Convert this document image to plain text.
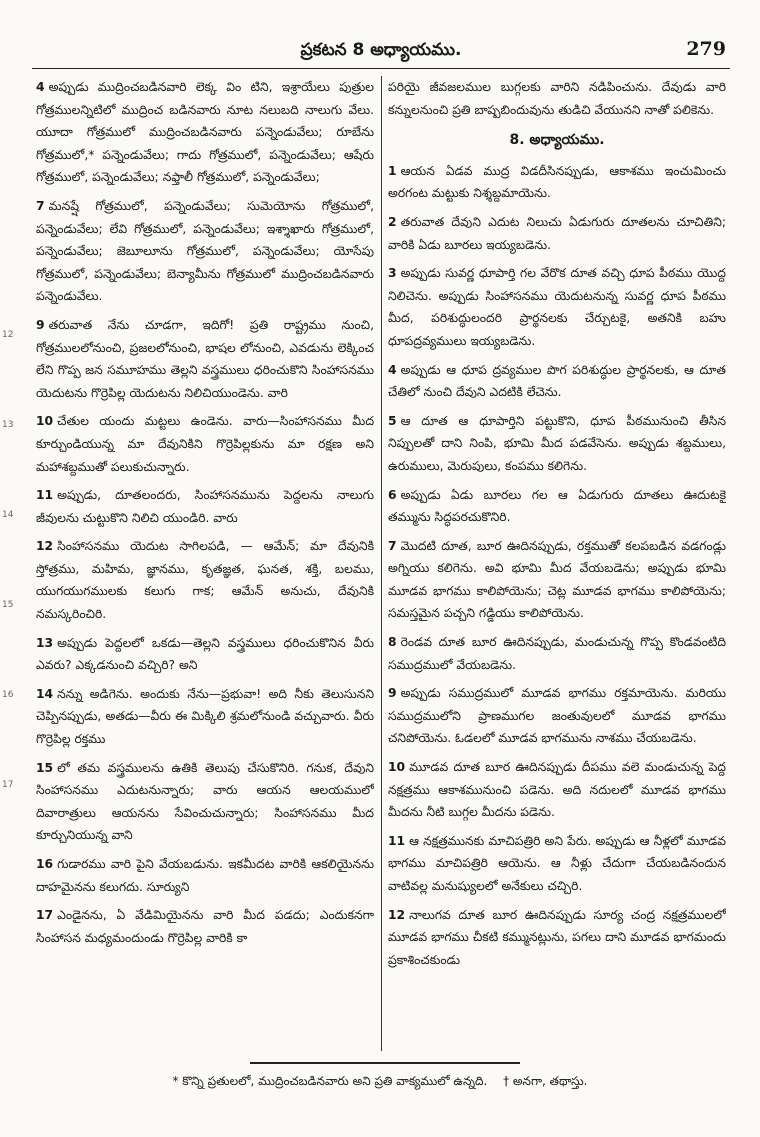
12
13
14
15
16
17
ప్రకటన 8 అధ్యాయము.	279

4 అప్పుడు ముద్రించబడినవారి లెక్క విం టిని, ఇశ్రాయేలు పుత్రుల గోత్రములన్నిటిలో ముద్రించ బడినవారు నూట నలుబది నాలుగు వేలు. యూదా గోత్రములో ముద్రించబడినవారు పన్నెండువేలు; రూబేను గోత్రములో,* పన్నెండువేలు; గాదు గోత్రములో, పన్నెండువేలు; ఆషేరు గోత్రములో, పన్నెండువేలు; నఫ్తాలీ గోత్రములో, పన్నెండువేలు;

7 మనష్షే గోత్రములో, పన్నెండువేలు; సుమెయోను గోత్రములో, పన్నెండువేలు; లేవి గోత్రములో, పన్నెండువేలు; ఇశ్శాఖారు గోత్రములో, పన్నెండువేలు; జెబూలూను గోత్రములో, పన్నెండువేలు; యోసేపు గోత్రములో, పన్నెండువేలు; బెన్యామీను గోత్రములో ముద్రించబడినవారు పన్నెండువేలు.

9 తరువాత నేను చూడగా, ఇదిగో! ప్రతి రాష్ట్రము నుంచి, గోత్రములలోనుంచి, ప్రజలలోనుంచి, భాషల లోనుంచి, ఎవడును లెక్కించ లేని గొప్ప జన సమూహము తెల్లని వస్త్రములు ధరించుకొని సింహాసనము యెదుటను గొర్రెపిల్ల యెదుటను నిలిచియుండెను. వారి

10 చేతుల యందు మట్టలు ఉండెను. వారు—సింహాసనము మీద కూర్చుండియున్న మా దేవునికిని గొర్రెపిల్లకును మా రక్షణ అని మహాశబ్దముతో పలుకుచున్నారు.

11 అప్పుడు, దూతలందరు, సింహాసనమును పెద్దలను నాలుగు జీవులను చుట్టుకొని నిలిచి యుండిరి. వారు

12 సింహాసనము యెదుట సాగిలపడి, — ఆమేన్; మా దేవునికి స్తోత్రము, మహిమ, జ్ఞానము, కృతజ్ఞత, ఘనత, శక్తి, బలము, యుగయుగములకు కలుగు గాక; ఆమేన్ అనుచు, దేవునికి నమస్కరించిరి.

13 అప్పుడు పెద్దలలో ఒకడు—తెల్లని వస్త్రములు ధరించుకొనిన వీరు ఎవరు? ఎక్కడనుంచి వచ్చిరి? అని

14 నన్ను అడిగెను. అందుకు నేను—ప్రభువా! అది నీకు తెలుసునని చెప్పినప్పుడు, అతడు—వీరు ఈ మిక్కిలి శ్రమలోనుండి వచ్చువారు. వీరు గొర్రెపిల్ల రక్తము

15 లో తమ వస్త్రములను ఉతికి తెలుపు చేసుకొనిరి. గనుక, దేవుని సింహాసనము ఎదుటనున్నారు; వారు ఆయన ఆలయములో దివారాత్రులు ఆయనను సేవించుచున్నారు; సింహాసనము మీద కూర్చునియున్న వాని

16 గుడారము వారి పైని వేయబడును. ఇకమీదట వారికి ఆకలియైనను దాహమైనను కలుగదు. సూర్యుని

17 ఎండైనను, ఏ వేడిమియైనను వారి మీద పడదు; ఎందుకనగా సింహాసన మధ్యమందుండు గొర్రెపిల్ల వారికి కా

పరియై జీవజలముల బుగ్గలకు వారిని నడిపించును. దేవుడు వారి కన్నులనుంచి ప్రతి బాష్పబిందువును తుడిచి వేయునని నాతో పలికెను.

8. అధ్యాయము.

1 ఆయన ఏడవ ముద్ర విడదీసినప్పుడు, ఆకాశము ఇంచుమించు అరగంట మట్టుకు నిశ్శబ్దమాయెను.

2 తరువాత దేవుని ఎదుట నిలుచు ఏడుగురు దూతలను చూచితిని; వారికి ఏడు బూరలు ఇయ్యబడెను.

3 అప్పుడు సువర్ణ ధూపార్తి గల వేరొక దూత వచ్చి ధూప పీఠము యొద్ద నిలిచెను. అప్పుడు సింహాసనము యెదుటనున్న సువర్ణ ధూప పీఠము మీద, పరిశుద్ధులందరి ప్రార్థనలకు చేర్చుటకై, అతనికి బహు ధూపద్రవ్యములు ఇయ్యబడెను.

4 అప్పుడు ఆ ధూప ద్రవ్యముల పొగ పరిశుద్ధుల ప్రార్థనలకు, ఆ దూత చేతిలో నుంచి దేవుని ఎదటికి లేచెను.

5 ఆ దూత ఆ ధూపార్తిని పట్టుకొని, ధూప పీఠమునుంచి తీసిన నిప్పులతో దాని నింపి, భూమి మీద పడవేసెను. అప్పుడు శబ్దములు, ఉరుములు, మెరుపులు, కంపము కలిగెను.

6 అప్పుడు ఏడు బూరలు గల ఆ ఏడుగురు దూతలు ఊదుటకై తమ్మును సిద్ధపరచుకొనిరి.

7 మొదటి దూత, బూర ఊదినప్పుడు, రక్తముతో కలపబడిన వడగండ్లు అగ్నియు కలిగెను. అవి భూమి మీద వేయబడెను; అప్పుడు భూమి మూడవ భాగము కాలిపోయెను; చెట్ల మూడవ భాగము కాలిపోయెను; సమస్తమైన పచ్చని గడ్డియు కాలిపోయెను.

8 రెండవ దూత బూర ఊదినప్పుడు, మండుచున్న గొప్ప కొండవంటిది సముద్రములో వేయబడెను.

9 అప్పుడు సముద్రములో మూడవ భాగము రక్తమాయెను. మరియు సముద్రములోని ప్రాణముగల జంతువులలో మూడవ భాగము చనిపోయెను. ఓడలలో మూడవ భాగమును నాశము చేయబడెను.

10 మూడవ దూత బూర ఊదినప్పుడు దీపము వలె మండుచున్న పెద్ద నక్షత్రము ఆకాశమునుంచి పడెను. అది నదులలో మూడవ భాగము మీదను నీటి బుగ్గల మీదను పడెను.

11 ఆ నక్షత్రమునకు మాచిపత్రిరి అని పేరు. అప్పుడు ఆ నీళ్లలో మూడవ భాగము మాచిపత్రిరి ఆయెను. ఆ నీళ్లు చేదుగా చేయబడినందున వాటివల్ల మనుష్యులలో అనేకులు చచ్చిరి.

12 నాలుగవ దూత బూర ఊదినప్పుడు సూర్య చంద్ర నక్షత్రములలో మూడవ భాగము చీకటి కమ్మునట్లును, పగలు దాని మూడవ భాగమందు ప్రకాశించకుండు

* కొన్ని ప్రతులలో, ముద్రించబడినవారు అని ప్రతి వాక్యములో ఉన్నది. † అనగా, తథాస్తు.
